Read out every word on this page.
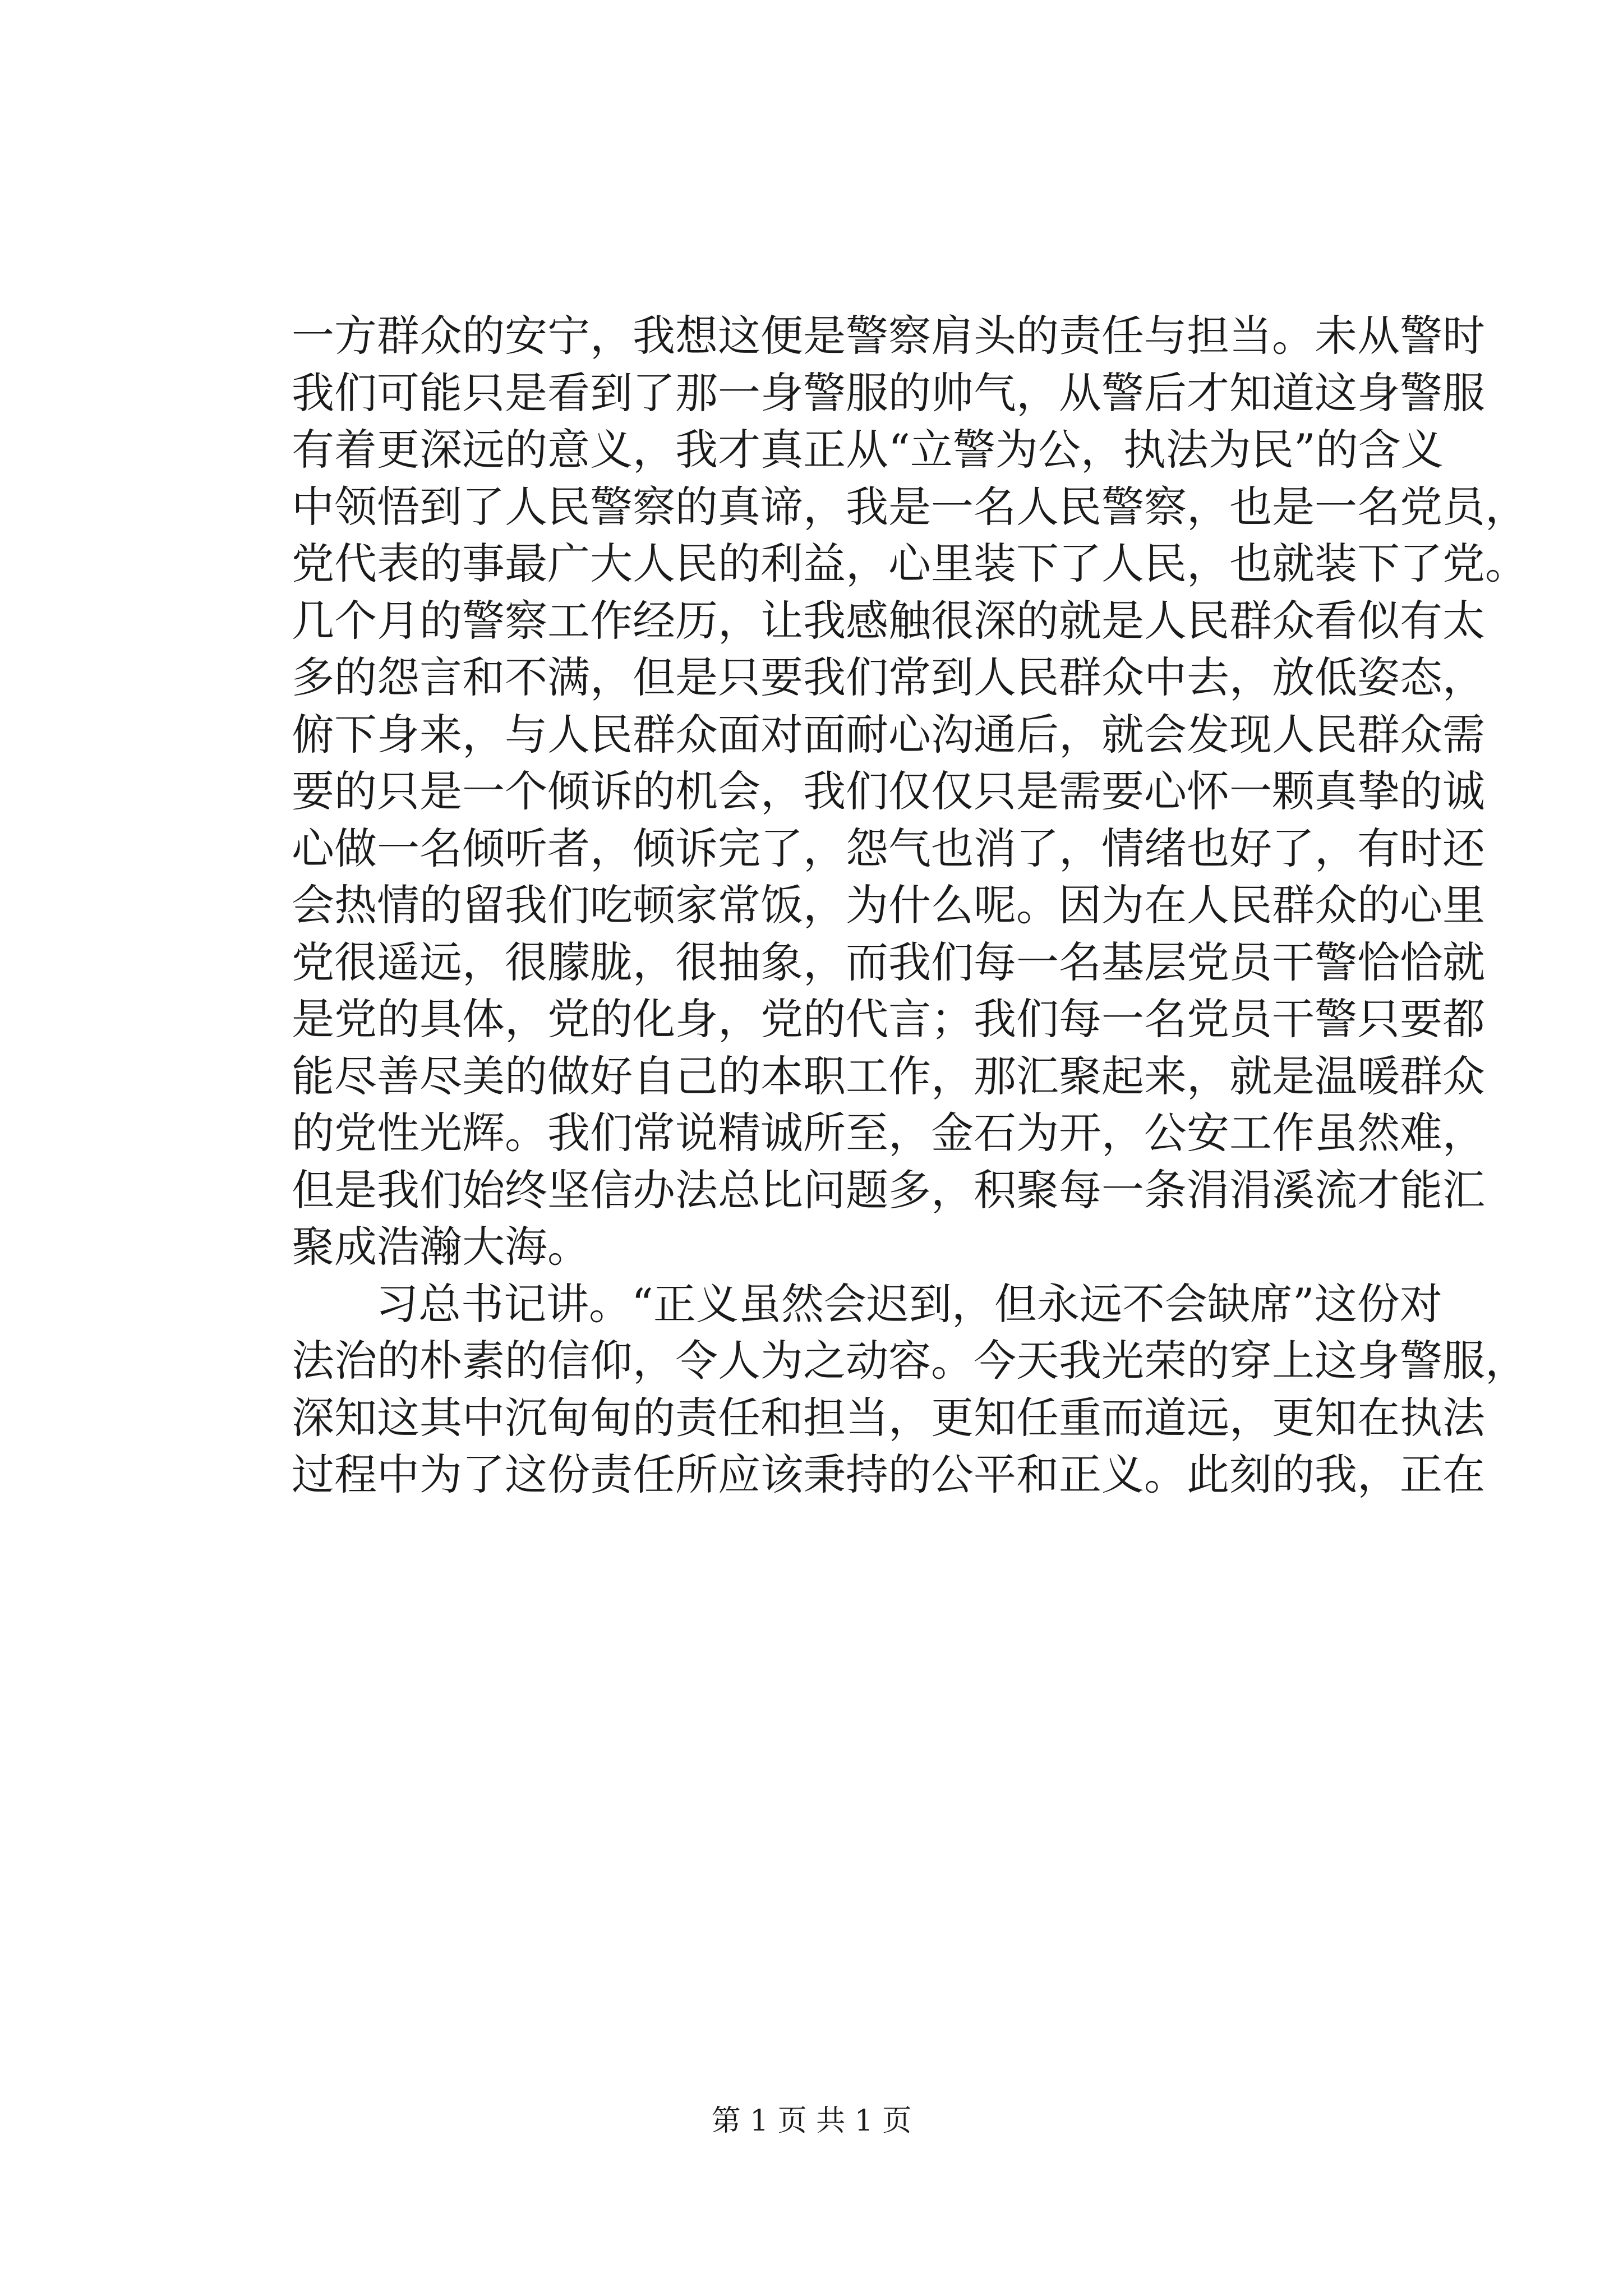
一方群众的安宁，我想这便是警察肩头的责任与担当。未从警时
我们可能只是看到了那一身警服的帅气，从警后才知道这身警服
有着更深远的意义，我才真正从“立警为公，执法为民”的含义
中领悟到了人民警察的真谛，我是一名人民警察，也是一名党员，
党代表的事最广大人民的利益，心里装下了人民，也就装下了党。
几个月的警察工作经历，让我感触很深的就是人民群众看似有太
多的怨言和不满，但是只要我们常到人民群众中去，放低姿态，
俯下身来，与人民群众面对面耐心沟通后，就会发现人民群众需
要的只是一个倾诉的机会，我们仅仅只是需要心怀一颗真挚的诚
心做一名倾听者，倾诉完了，怨气也消了，情绪也好了，有时还
会热情的留我们吃顿家常饭，为什么呢。因为在人民群众的心里
党很遥远，很朦胧，很抽象，而我们每一名基层党员干警恰恰就
是党的具体，党的化身，党的代言；我们每一名党员干警只要都
能尽善尽美的做好自己的本职工作，那汇聚起来，就是温暖群众
的党性光辉。我们常说精诚所至，金石为开，公安工作虽然难，
但是我们始终坚信办法总比问题多，积聚每一条涓涓溪流才能汇
聚成浩瀚大海。
习总书记讲。“正义虽然会迟到，但永远不会缺席”这份对
法治的朴素的信仰，令人为之动容。今天我光荣的穿上这身警服，
深知这其中沉甸甸的责任和担当，更知任重而道远，更知在执法
过程中为了这份责任所应该秉持的公平和正义。此刻的我，正在
第 1 页 共 1 页
